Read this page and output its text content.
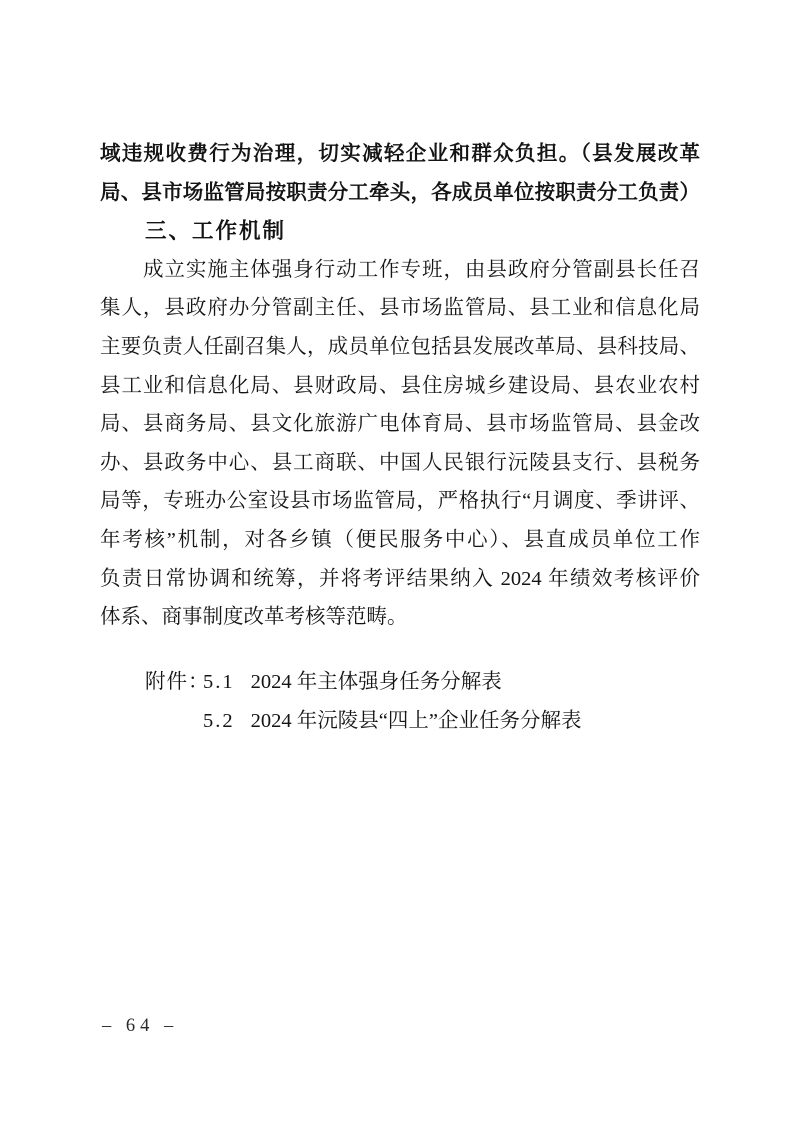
域违规收费行为治理，切实减轻企业和群众负担。（县发展改革
局、县市场监管局按职责分工牵头，各成员单位按职责分工负责）
三、工作机制
成立实施主体强身行动工作专班，由县政府分管副县长任召
集人，县政府办分管副主任、县市场监管局、县工业和信息化局
主要负责人任副召集人，成员单位包括县发展改革局、县科技局、
县工业和信息化局、县财政局、县住房城乡建设局、县农业农村
局、县商务局、县文化旅游广电体育局、县市场监管局、县金改
办、县政务中心、县工商联、中国人民银行沅陵县支行、县税务
局等，专班办公室设县市场监管局，严格执行“月调度、季讲评、
年考核”机制，对各乡镇（便民服务中心）、县直成员单位工作
负责日常协调和统筹，并将考评结果纳入 2024 年绩效考核评价
体系、商事制度改革考核等范畴。
附件：5.1 2024 年主体强身任务分解表
5.2 2024 年沅陵县“四上”企业任务分解表
– 64 –
